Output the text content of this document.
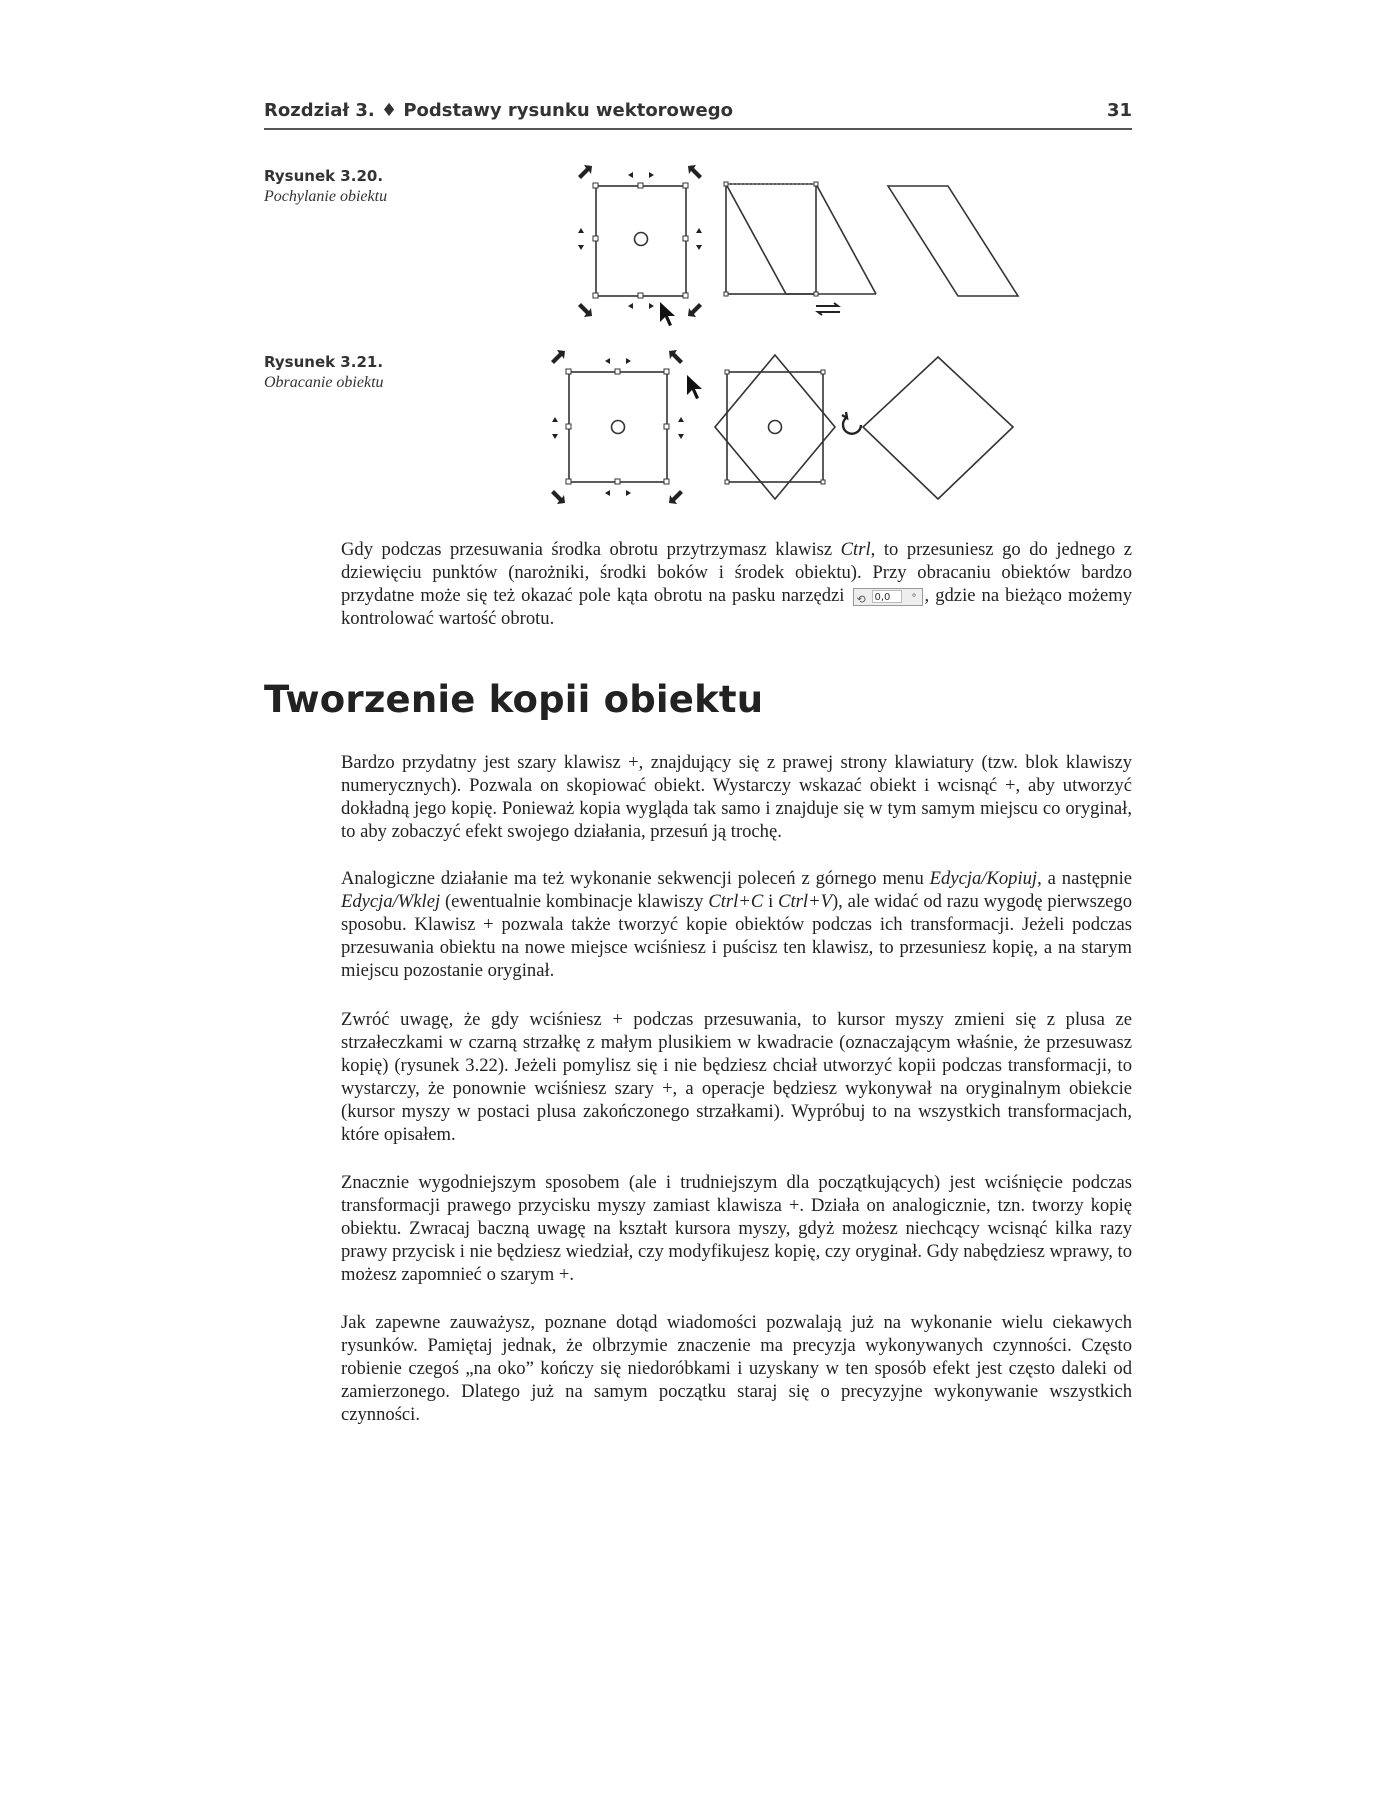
Rozdział 3. ♦ Podstawy rysunku wektorowego	31
Rysunek 3.20.
Pochylanie obiektu
Rysunek 3.21.
Obracanie obiektu

Gdy podczas przesuwania środka obrotu przytrzymasz klawisz Ctrl, to przesuniesz go do jednego z dziewięciu punktów (narożniki, środki boków i środek obiektu). Przy obracaniu obiektów bardzo przydatne może się też okazać pole kąta obrotu na pasku narzędzi ⟲ 0,0	° , gdzie na bieżąco możemy kontrolować wartość obrotu.

Tworzenie kopii obiektu

Bardzo przydatny jest szary klawisz +, znajdujący się z prawej strony klawiatury (tzw. blok klawiszy numerycznych). Pozwala on skopiować obiekt. Wystarczy wskazać obiekt i wcisnąć +, aby utworzyć dokładną jego kopię. Ponieważ kopia wygląda tak samo i znajduje się w tym samym miejscu co oryginał, to aby zobaczyć efekt swojego działania, przesuń ją trochę.

Analogiczne działanie ma też wykonanie sekwencji poleceń z górnego menu Edycja/Kopiuj, a następnie Edycja/Wklej (ewentualnie kombinacje klawiszy Ctrl+C i Ctrl+V), ale widać od razu wygodę pierwszego sposobu. Klawisz + pozwala także tworzyć kopie obiektów podczas ich transformacji. Jeżeli podczas przesuwania obiektu na nowe miejsce wciśniesz i puścisz ten klawisz, to przesuniesz kopię, a na starym miejscu pozostanie oryginał.

Zwróć uwagę, że gdy wciśniesz + podczas przesuwania, to kursor myszy zmieni się z plusa ze strzałeczkami w czarną strzałkę z małym plusikiem w kwadracie (oznaczającym właśnie, że przesuwasz kopię) (rysunek 3.22). Jeżeli pomylisz się i nie będziesz chciał utworzyć kopii podczas transformacji, to wystarczy, że ponownie wciśniesz szary +, a operacje będziesz wykonywał na oryginalnym obiekcie (kursor myszy w postaci plusa zakończonego strzałkami). Wypróbuj to na wszystkich transformacjach, które opisałem.

Znacznie wygodniejszym sposobem (ale i trudniejszym dla początkujących) jest wciśnięcie podczas transformacji prawego przycisku myszy zamiast klawisza +. Działa on analogicznie, tzn. tworzy kopię obiektu. Zwracaj baczną uwagę na kształt kursora myszy, gdyż możesz niechcący wcisnąć kilka razy prawy przycisk i nie będziesz wiedział, czy modyfikujesz kopię, czy oryginał. Gdy nabędziesz wprawy, to możesz zapomnieć o szarym +.

Jak zapewne zauważysz, poznane dotąd wiadomości pozwalają już na wykonanie wielu ciekawych rysunków. Pamiętaj jednak, że olbrzymie znaczenie ma precyzja wykonywanych czynności. Często robienie czegoś „na oko” kończy się niedoróbkami i uzyskany w ten sposób efekt jest często daleki od zamierzonego. Dlatego już na samym początku staraj się o precyzyjne wykonywanie wszystkich czynności.
